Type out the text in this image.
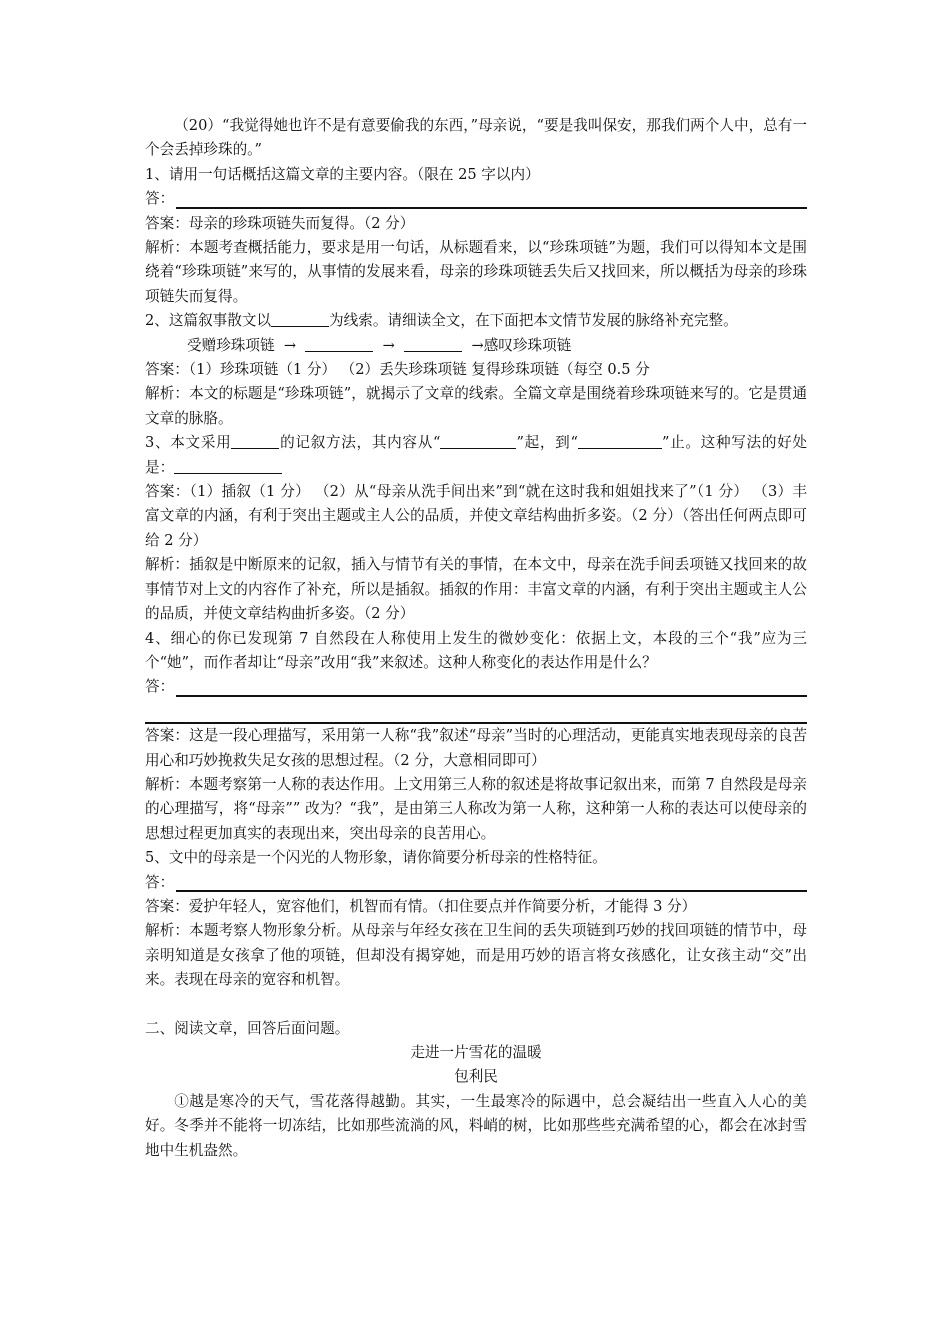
（20）“我觉得她也许不是有意要偷我的东西，”母亲说，“要是我叫保安，那我们两个人中，总有一个会丢掉珍珠的。”

1、请用一句话概括这篇文章的主要内容。（限在 25 字以内）

答：

答案：母亲的珍珠项链失而复得。（2 分）

解析：本题考查概括能力，要求是用一句话，从标题看来，以“珍珠项链”为题，我们可以得知本文是围绕着“珍珠项链”来写的，从事情的发展来看，母亲的珍珠项链丢失后又找回来，所以概括为母亲的珍珠项链失而复得。

2、这篇叙事散文以	为线索。请细读全文，在下面把本文情节发展的脉络补充完整。

受赠珍珠项链 →	→	→感叹珍珠项链

答案：（1）珍珠项链（1 分） （2）丢失珍珠项链 复得珍珠项链（每空 0.5 分

解析：本文的标题是“珍珠项链”，就揭示了文章的线索。全篇文章是围绕着珍珠项链来写的。它是贯通文章的脉胳。

3、本文采用	的记叙方法，其内容从“	”起，到“	”止。这种写法的好处是：

答案：（1）插叙（1 分） （2）从“母亲从洗手间出来”到“就在这时我和姐姐找来了”（1 分） （3）丰富文章的内涵，有利于突出主题或主人公的品质，并使文章结构曲折多姿。（2 分）（答出任何两点即可给 2 分）

解析：插叙是中断原来的记叙，插入与情节有关的事情，在本文中，母亲在洗手间丢项链又找回来的故事情节对上文的内容作了补充，所以是插叙。插叙的作用：丰富文章的内涵，有利于突出主题或主人公的品质，并使文章结构曲折多姿。（2 分）

4、细心的你已发现第 7 自然段在人称使用上发生的微妙变化：依据上文，本段的三个“我”应为三个“她”，而作者却让“母亲”改用“我”来叙述。这种人称变化的表达作用是什么？

答：

答案：这是一段心理描写，采用第一人称“我”叙述“母亲”当时的心理活动，更能真实地表现母亲的良苦用心和巧妙挽救失足女孩的思想过程。（2 分，大意相同即可）

解析：本题考察第一人称的表达作用。上文用第三人称的叙述是将故事记叙出来，而第 7 自然段是母亲的心理描写，将“母亲”” 改为？“我”，是由第三人称改为第一人称，这种第一人称的表达可以使母亲的思想过程更加真实的表现出来，突出母亲的良苦用心。

5、文中的母亲是一个闪光的人物形象，请你简要分析母亲的性格特征。

答：

答案：爱护年轻人，宽容他们，机智而有情。（扣住要点并作简要分析，才能得 3 分）

解析：本题考察人物形象分析。从母亲与年经女孩在卫生间的丢失项链到巧妙的找回项链的情节中，母亲明知道是女孩拿了他的项链，但却没有揭穿她，而是用巧妙的语言将女孩感化，让女孩主动“交”出来。表现在母亲的宽容和机智。

二、阅读文章，回答后面问题。

走进一片雪花的温暖

包利民

①越是寒冷的天气，雪花落得越勤。其实，一生最寒冷的际遇中，总会凝结出一些直入人心的美好。冬季并不能将一切冻结，比如那些流淌的风，料峭的树，比如那些些充满希望的心，都会在冰封雪地中生机盎然。
